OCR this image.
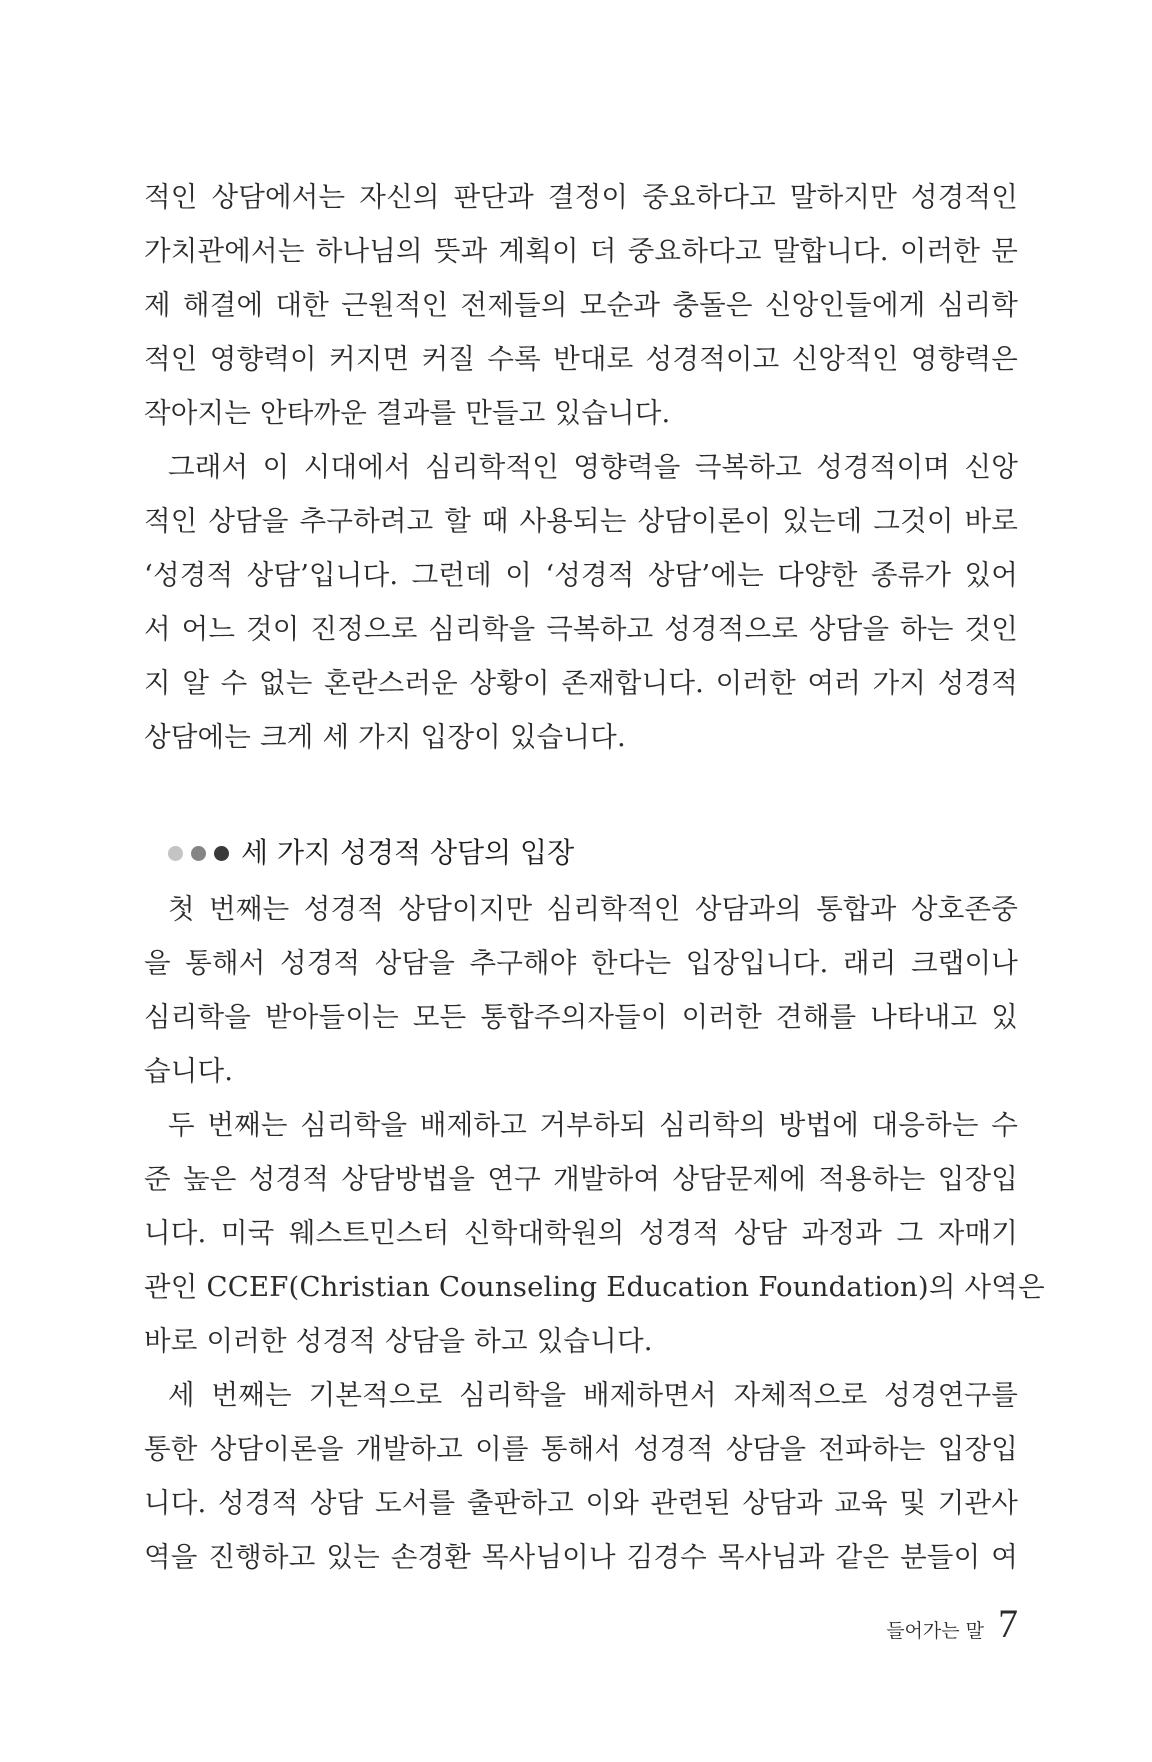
적인 상담에서는 자신의 판단과 결정이 중요하다고 말하지만 성경적인
가치관에서는 하나님의 뜻과 계획이 더 중요하다고 말합니다. 이러한 문
제 해결에 대한 근원적인 전제들의 모순과 충돌은 신앙인들에게 심리학
적인 영향력이 커지면 커질 수록 반대로 성경적이고 신앙적인 영향력은
작아지는 안타까운 결과를 만들고 있습니다.
그래서 이 시대에서 심리학적인 영향력을 극복하고 성경적이며 신앙
적인 상담을 추구하려고 할 때 사용되는 상담이론이 있는데 그것이 바로
‘성경적 상담’입니다. 그런데 이 ‘성경적 상담’에는 다양한 종류가 있어
서 어느 것이 진정으로 심리학을 극복하고 성경적으로 상담을 하는 것인
지 알 수 없는 혼란스러운 상황이 존재합니다. 이러한 여러 가지 성경적
상담에는 크게 세 가지 입장이 있습니다.
세 가지 성경적 상담의 입장
첫 번째는 성경적 상담이지만 심리학적인 상담과의 통합과 상호존중
을 통해서 성경적 상담을 추구해야 한다는 입장입니다. 래리 크랩이나
심리학을 받아들이는 모든 통합주의자들이 이러한 견해를 나타내고 있
습니다.
두 번째는 심리학을 배제하고 거부하되 심리학의 방법에 대응하는 수
준 높은 성경적 상담방법을 연구 개발하여 상담문제에 적용하는 입장입
니다. 미국 웨스트민스터 신학대학원의 성경적 상담 과정과 그 자매기
관인 CCEF(Christian Counseling Education Foundation)의 사역은
바로 이러한 성경적 상담을 하고 있습니다.
세 번째는 기본적으로 심리학을 배제하면서 자체적으로 성경연구를
통한 상담이론을 개발하고 이를 통해서 성경적 상담을 전파하는 입장입
니다. 성경적 상담 도서를 출판하고 이와 관련된 상담과 교육 및 기관사
역을 진행하고 있는 손경환 목사님이나 김경수 목사님과 같은 분들이 여
들어가는 말 7
